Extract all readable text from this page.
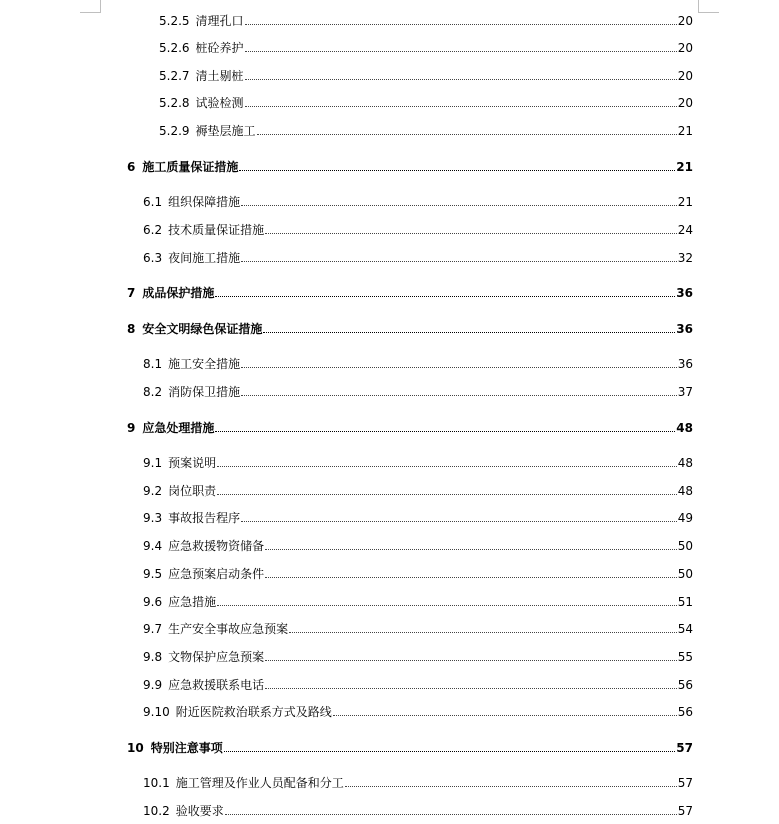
5.2.5 清理孔口	20
5.2.6 桩砼养护	20
5.2.7 清土剔桩	20
5.2.8 试验检测	20
5.2.9 褥垫层施工	21
6 施工质量保证措施	21
6.1 组织保障措施	21
6.2 技术质量保证措施	24
6.3 夜间施工措施	32
7 成品保护措施	36
8 安全文明绿色保证措施	36
8.1 施工安全措施	36
8.2 消防保卫措施	37
9 应急处理措施	48
9.1 预案说明	48
9.2 岗位职责	48
9.3 事故报告程序	49
9.4 应急救援物资储备	50
9.5 应急预案启动条件	50
9.6 应急措施	51
9.7 生产安全事故应急预案	54
9.8 文物保护应急预案	55
9.9 应急救援联系电话	56
9.10 附近医院救治联系方式及路线	56
10 特别注意事项	57
10.1 施工管理及作业人员配备和分工	57
10.2 验收要求	57
